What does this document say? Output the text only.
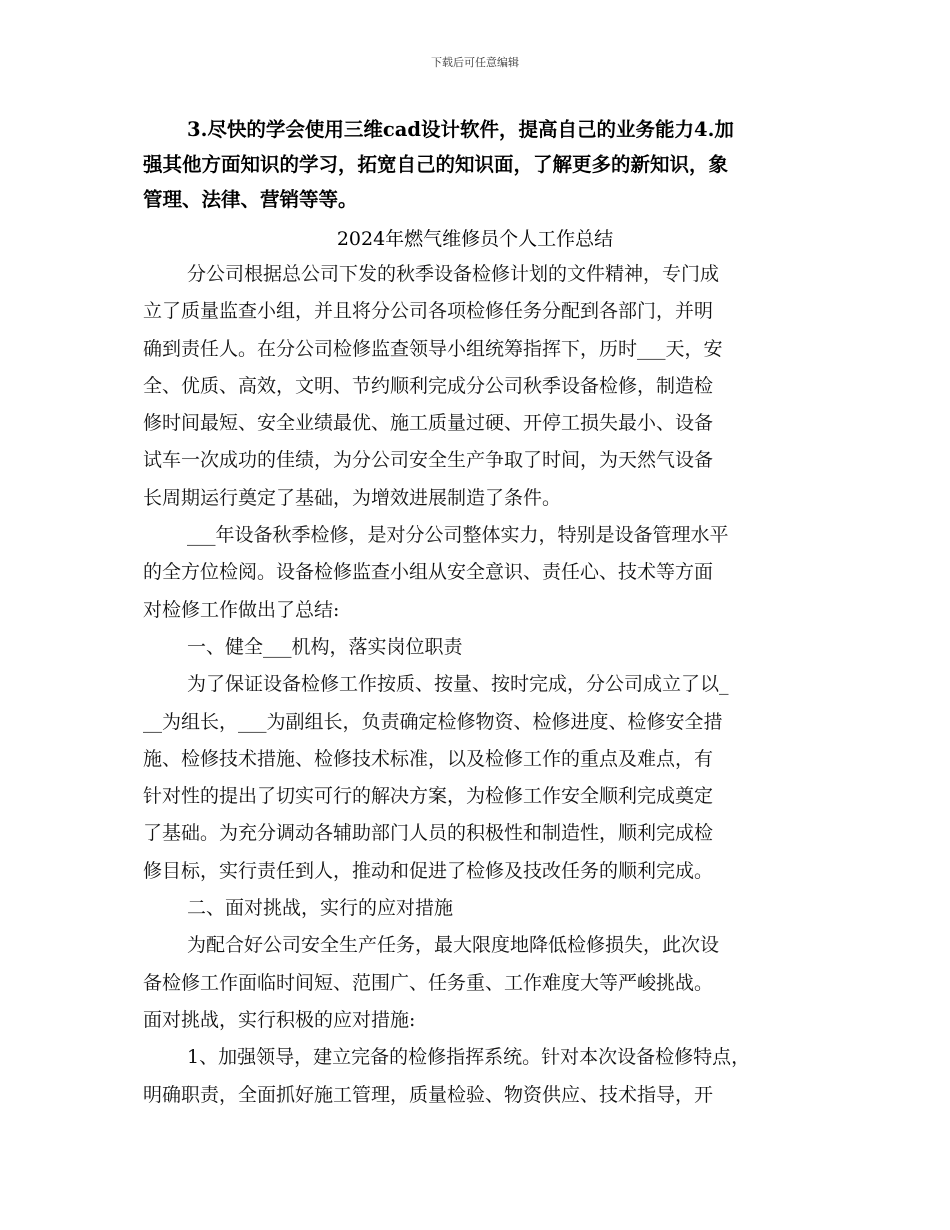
下载后可任意编辑
3.尽快的学会使用三维cad设计软件，提高自己的业务能力4.加
强其他方面知识的学习，拓宽自己的知识面，了解更多的新知识，象
管理、法律、营销等等。
2024年燃气维修员个人工作总结
分公司根据总公司下发的秋季设备检修计划的文件精神，专门成
立了质量监查小组，并且将分公司各项检修任务分配到各部门，并明
确到责任人。在分公司检修监查领导小组统筹指挥下，历时___天，安
全、优质、高效，文明、节约顺利完成分公司秋季设备检修，制造检
修时间最短、安全业绩最优、施工质量过硬、开停工损失最小、设备
试车一次成功的佳绩，为分公司安全生产争取了时间，为天然气设备
长周期运行奠定了基础，为增效进展制造了条件。
___年设备秋季检修，是对分公司整体实力，特别是设备管理水平
的全方位检阅。设备检修监查小组从安全意识、责任心、技术等方面
对检修工作做出了总结:
一、健全___机构，落实岗位职责
为了保证设备检修工作按质、按量、按时完成，分公司成立了以_
__为组长，___为副组长，负责确定检修物资、检修进度、检修安全措
施、检修技术措施、检修技术标准，以及检修工作的重点及难点，有
针对性的提出了切实可行的解决方案，为检修工作安全顺利完成奠定
了基础。为充分调动各辅助部门人员的积极性和制造性，顺利完成检
修目标，实行责任到人，推动和促进了检修及技改任务的顺利完成。
二、面对挑战，实行的应对措施
为配合好公司安全生产任务，最大限度地降低检修损失，此次设
备检修工作面临时间短、范围广、任务重、工作难度大等严峻挑战。
面对挑战，实行积极的应对措施:
1、加强领导，建立完备的检修指挥系统。针对本次设备检修特点，
明确职责，全面抓好施工管理，质量检验、物资供应、技术指导，开
